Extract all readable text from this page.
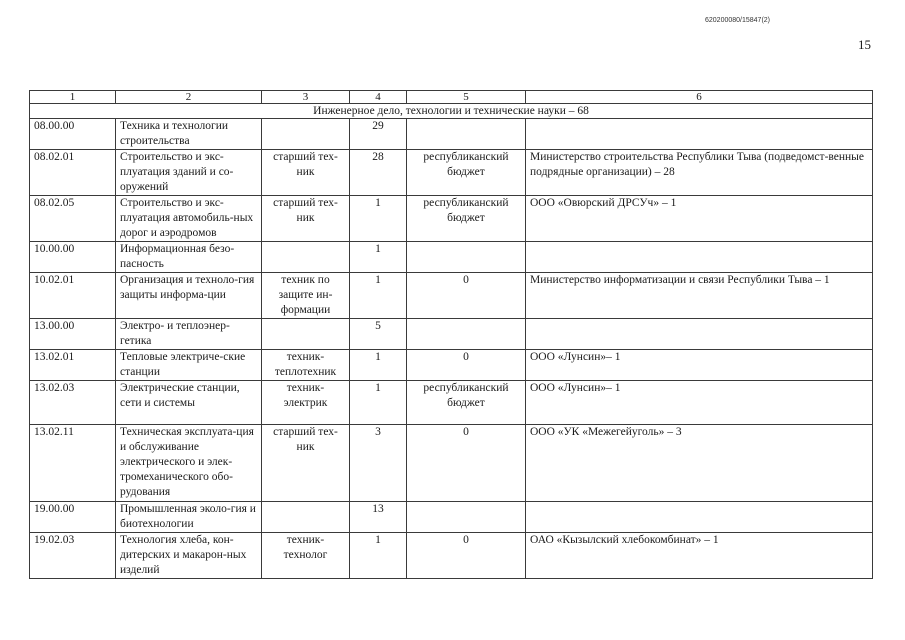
620200080/15847(2)
15
1	2	3	4	5	6
Инженерное дело, технологии и технические науки – 68					
08.00.00	Техника и технологии строительства		29		
08.02.01	Строительство и экс-плуатация зданий и со-оружений	старший тех-ник	28	республиканский бюджет	Министерство строительства Республики Тыва (подведомст-венные подрядные организации) – 28
08.02.05	Строительство и экс-плуатация автомобиль-ных дорог и аэродромов	старший тех-ник	1	республиканский бюджет	ООО «Овюрский ДРСУч» – 1
10.00.00	Информационная безо-пасность		1		
10.02.01	Организация и техноло-гия защиты информа-ции	техник по защите ин-формации	1	0	Министерство информатизации и связи Республики Тыва – 1
13.00.00	Электро- и теплоэнер-гетика		5		
13.02.01	Тепловые электриче-ские станции	техник-теплотехник	1	0	ООО «Лунсин»– 1
13.02.03	Электрические станции, сети и системы	техник-электрик	1	республиканский бюджет	ООО «Лунсин»– 1
13.02.11	Техническая эксплуата-ция и обслуживание электрического и элек-тромеханического обо-рудования	старший тех-ник	3	0	ООО «УК «Межегейуголь» – 3
19.00.00	Промышленная эколо-гия и биотехнологии		13		
19.02.03	Технология хлеба, кон-дитерских и макарон-ных изделий	техник-технолог	1	0	ОАО «Кызылский хлебокомбинат» – 1
